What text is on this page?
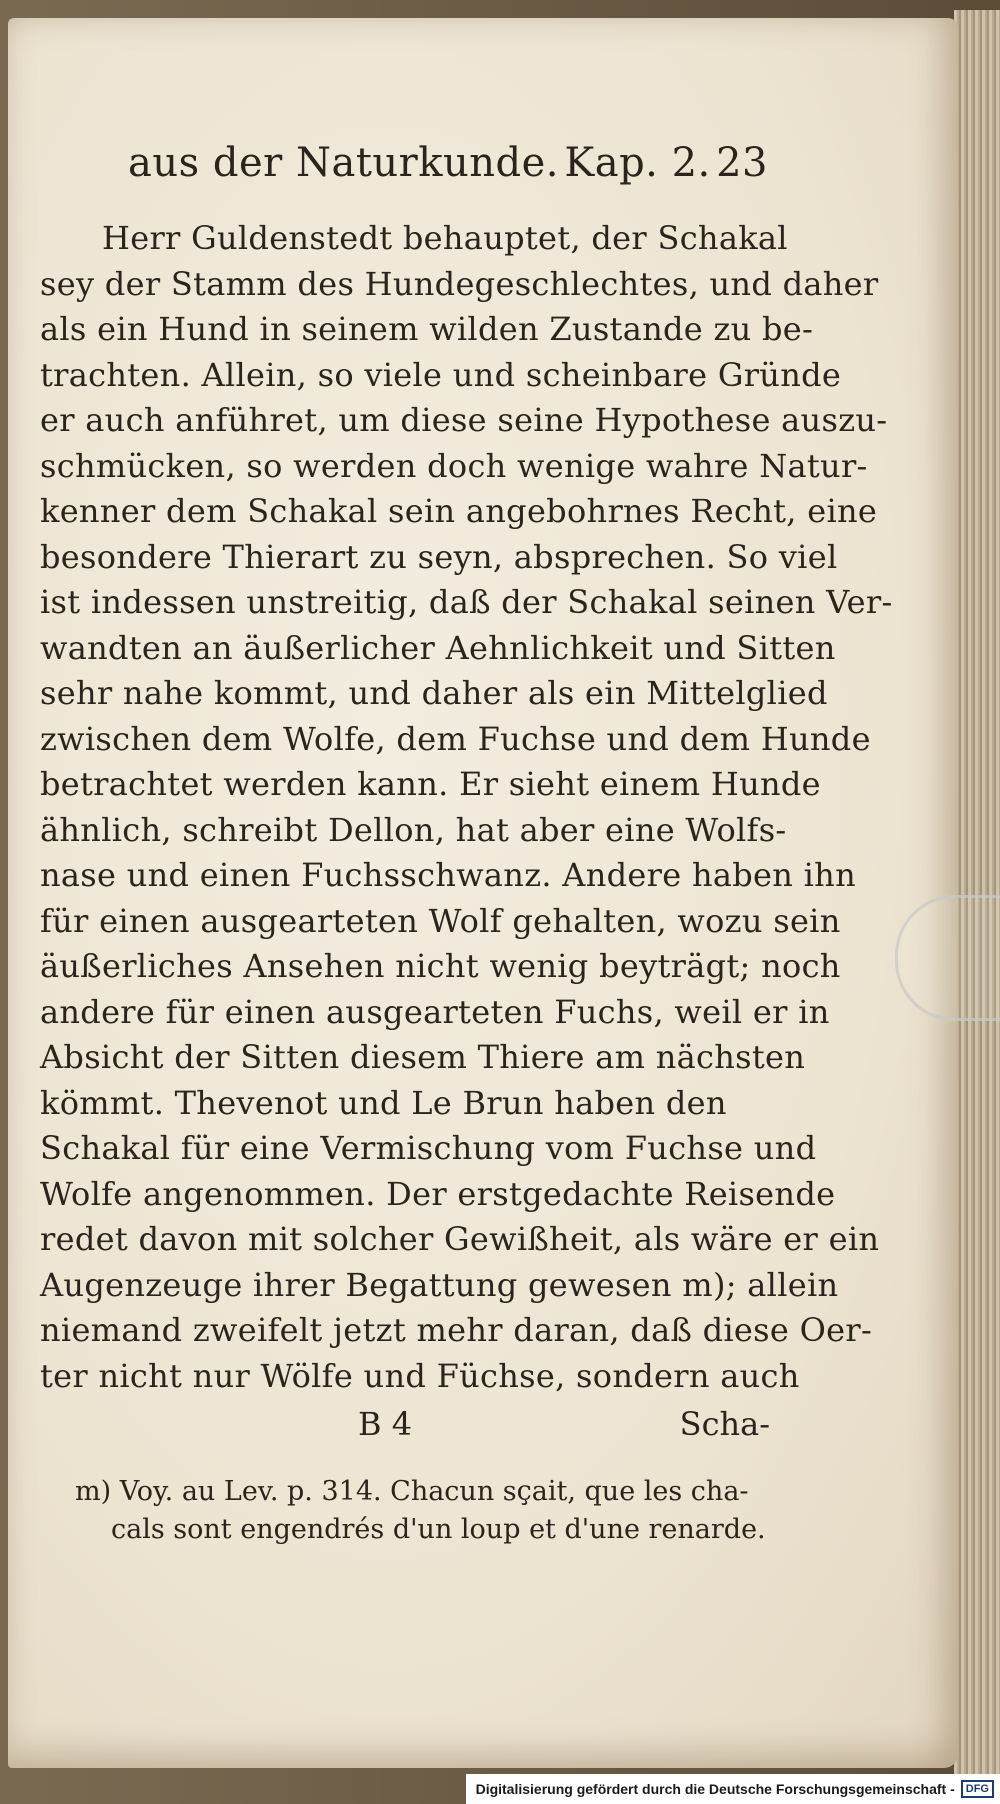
aus der Naturkunde. Kap. 2. 23
Herr Guldenstedt behauptet, der Schakal
sey der Stamm des Hundegeschlechtes, und daher
als ein Hund in seinem wilden Zustande zu be-
trachten. Allein, so viele und scheinbare Gründe
er auch anführet, um diese seine Hypothese auszu-
schmücken, so werden doch wenige wahre Natur-
kenner dem Schakal sein angebohrnes Recht, eine
besondere Thierart zu seyn, absprechen. So viel
ist indessen unstreitig, daß der Schakal seinen Ver-
wandten an äußerlicher Aehnlichkeit und Sitten
sehr nahe kommt, und daher als ein Mittelglied
zwischen dem Wolfe, dem Fuchse und dem Hunde
betrachtet werden kann. Er sieht einem Hunde
ähnlich, schreibt Dellon, hat aber eine Wolfs-
nase und einen Fuchsschwanz. Andere haben ihn
für einen ausgearteten Wolf gehalten, wozu sein
äußerliches Ansehen nicht wenig beyträgt; noch
andere für einen ausgearteten Fuchs, weil er in
Absicht der Sitten diesem Thiere am nächsten
kömmt. Thevenot und Le Brun haben den
Schakal für eine Vermischung vom Fuchse und
Wolfe angenommen. Der erstgedachte Reisende
redet davon mit solcher Gewißheit, als wäre er ein
Augenzeuge ihrer Begattung gewesen m); allein
niemand zweifelt jetzt mehr daran, daß diese Oer-
ter nicht nur Wölfe und Füchse, sondern auch
B 4	Scha-
m) Voy. au Lev. p. 314. Chacun sçait, que les cha-
cals sont engendrés d'un loup et d'une renarde.
Digitalisierung gefördert durch die Deutsche Forschungsgemeinschaft -	DFG
